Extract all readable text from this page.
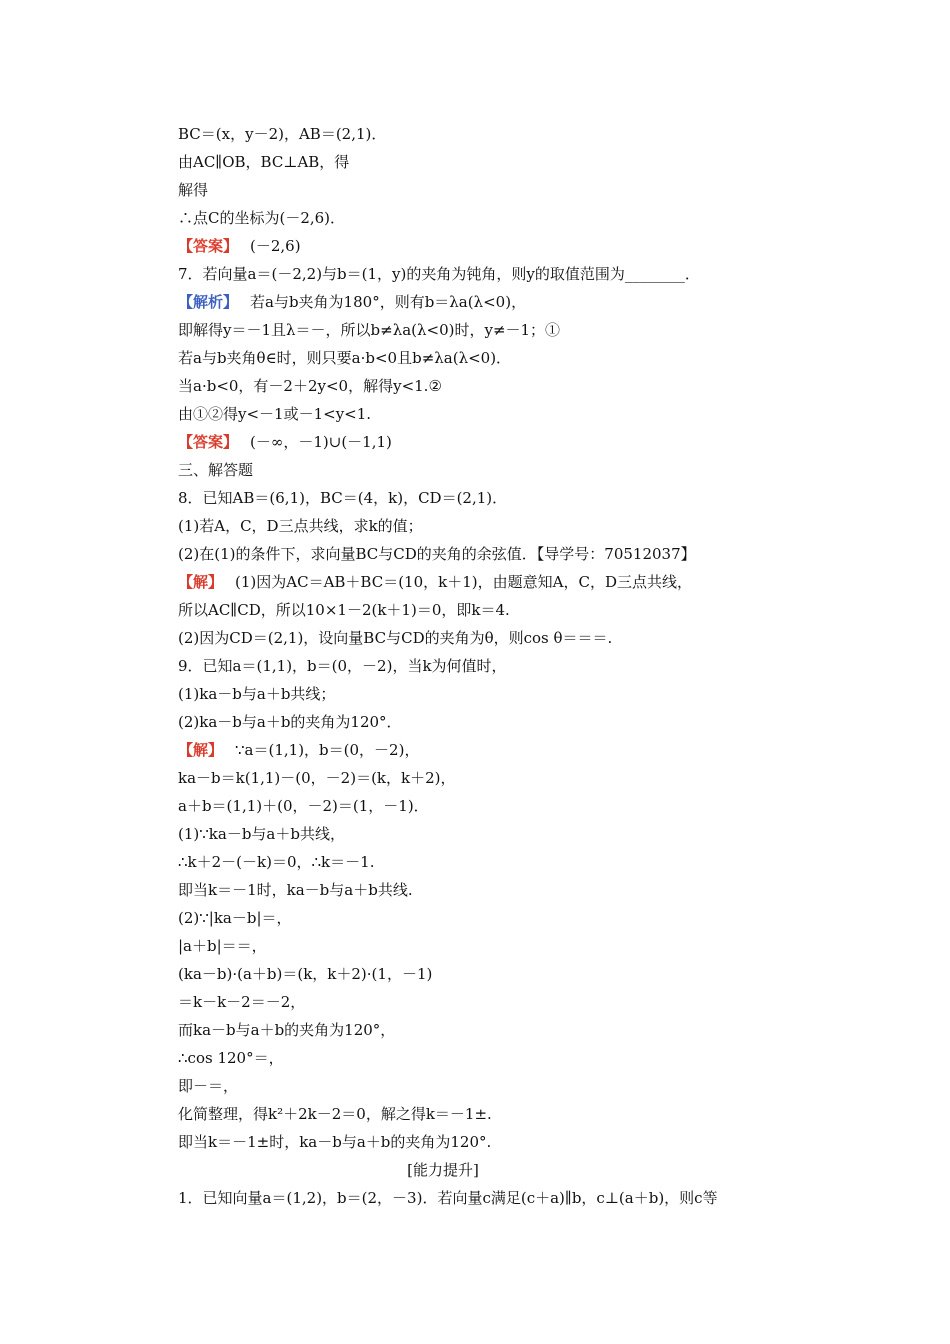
BC＝(x，y－2)，AB＝(2,1)．
由AC∥OB，BC⊥AB，得
解得
∴点C的坐标为(－2,6)．
【答案】 (－2,6)
7．若向量a＝(－2,2)与b＝(1，y)的夹角为钝角，则y的取值范围为________．
【解析】 若a与b夹角为180°，则有b＝λa(λ<0)，
即解得y＝－1且λ＝－，所以b≠λa(λ<0)时，y≠－1；①
若a与b夹角θ∈时，则只要a·b<0且b≠λa(λ<0)．
当a·b<0，有－2＋2y<0，解得y<1.②
由①②得y<－1或－1<y<1.
【答案】 (－∞，－1)∪(－1,1)
三、解答题
8．已知AB＝(6,1)，BC＝(4，k)，CD＝(2,1)．
(1)若A，C，D三点共线，求k的值；
(2)在(1)的条件下，求向量BC与CD的夹角的余弦值．【导学号：70512037】
【解】 (1)因为AC＝AB＋BC＝(10，k＋1)，由题意知A，C，D三点共线，
所以AC∥CD，所以10×1－2(k＋1)＝0，即k＝4.
(2)因为CD＝(2,1)，设向量BC与CD的夹角为θ，则cos θ＝＝＝.
9．已知a＝(1,1)，b＝(0，－2)，当k为何值时，
(1)ka－b与a＋b共线；
(2)ka－b与a＋b的夹角为120°．
【解】 ∵a＝(1,1)，b＝(0，－2)，
ka－b＝k(1,1)－(0，－2)＝(k，k＋2)，
a＋b＝(1,1)＋(0，－2)＝(1，－1)．
(1)∵ka－b与a＋b共线，
∴k＋2－(－k)＝0，∴k＝－1.
即当k＝－1时，ka－b与a＋b共线.
(2)∵|ka－b|＝，
|a＋b|＝＝，
(ka－b)·(a＋b)＝(k，k＋2)·(1，－1)
＝k－k－2＝－2，
而ka－b与a＋b的夹角为120°，
∴cos 120°＝，
即－＝，
化简整理，得k²＋2k－2＝0，解之得k＝－1±.
即当k＝－1±时，ka－b与a＋b的夹角为120°.
[能力提升]
1．已知向量a＝(1,2)，b＝(2，－3)．若向量c满足(c＋a)∥b，c⊥(a＋b)，则c等
